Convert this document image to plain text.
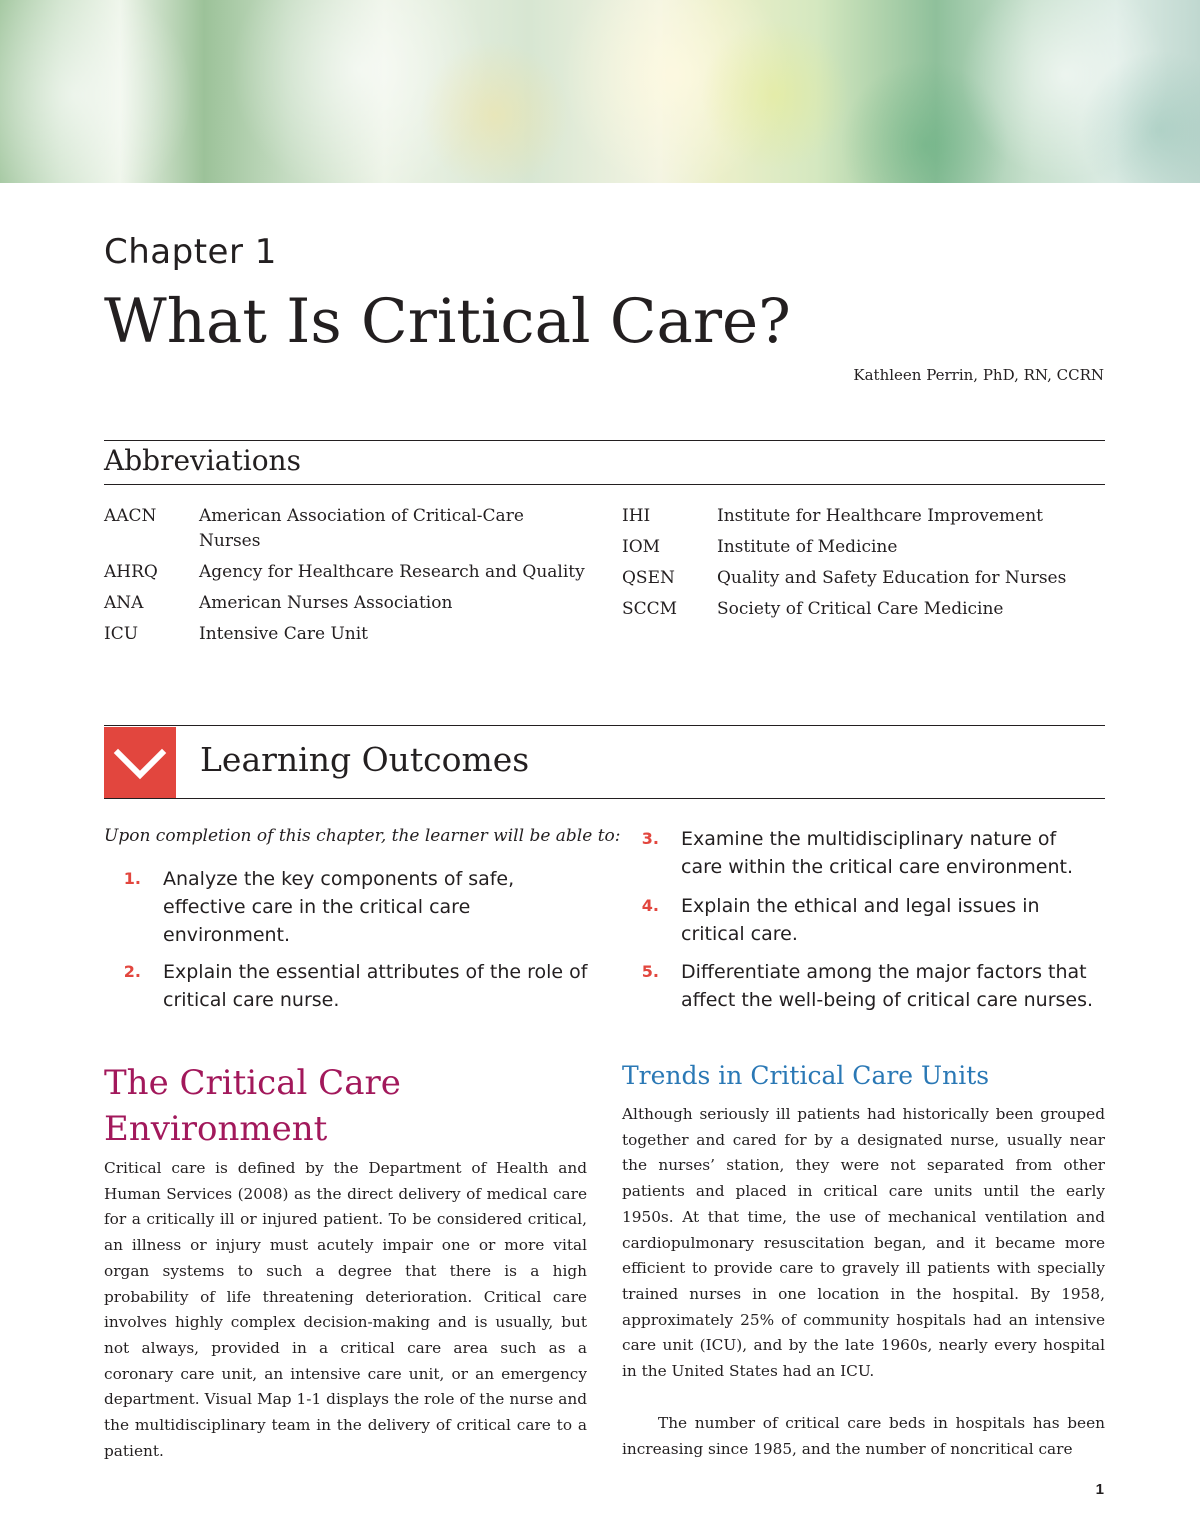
Chapter 1
What Is Critical Care?
Kathleen Perrin, PhD, RN, CCRN
Abbreviations
AACN	American Association of Critical-Care Nurses
AHRQ	Agency for Healthcare Research and Quality
ANA	American Nurses Association
ICU	Intensive Care Unit
IHI	Institute for Healthcare Improvement
IOM	Institute of Medicine
QSEN	Quality and Safety Education for Nurses
SCCM	Society of Critical Care Medicine
Learning Outcomes
Upon completion of this chapter, the learner will be able to:
1.	Analyze the key components of safe, effective care in the critical care environment.
2.	Explain the essential attributes of the role of critical care nurse.
3.	Examine the multidisciplinary nature of care within the critical care environment.
4.	Explain the ethical and legal issues in critical care.
5.	Differentiate among the major factors that affect the well-being of critical care nurses.
The Critical Care Environment

Critical care is defined by the Department of Health and Human Services (2008) as the direct delivery of medical care for a critically ill or injured patient. To be considered critical, an illness or injury must acutely impair one or more vital organ systems to such a degree that there is a high probability of life threatening deterioration. Critical care involves highly complex decision-making and is usually, but not always, provided in a critical care area such as a coronary care unit, an intensive care unit, or an emergency department. Visual Map 1-1 displays the role of the nurse and the multidisciplinary team in the delivery of critical care to a patient.

Trends in Critical Care Units

Although seriously ill patients had historically been grouped together and cared for by a designated nurse, usually near the nurses’ station, they were not separated from other patients and placed in critical care units until the early 1950s. At that time, the use of mechanical ventilation and cardiopulmonary resuscitation began, and it became more efficient to provide care to gravely ill patients with specially trained nurses in one location in the hospital. By 1958, approximately 25% of community hospitals had an intensive care unit (ICU), and by the late 1960s, nearly every hospital in the United States had an ICU.

The number of critical care beds in hospitals has been increasing since 1985, and the number of noncritical care

1
